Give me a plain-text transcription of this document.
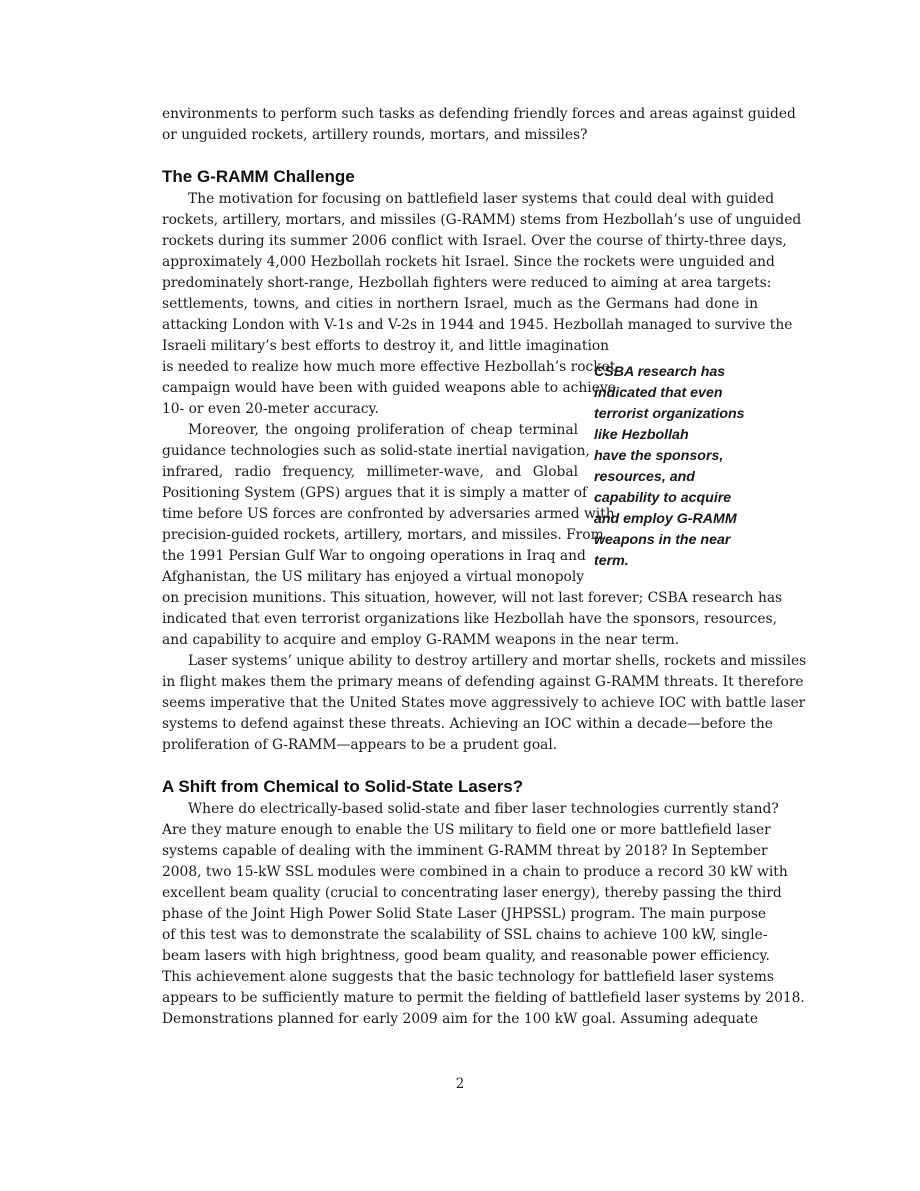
environments to perform such tasks as defending friendly forces and areas against guided
or unguided rockets, artillery rounds, mortars, and missiles?
The G-RAMM Challenge
The motivation for focusing on battlefield laser systems that could deal with guided
rockets, artillery, mortars, and missiles (G-RAMM) stems from Hezbollah’s use of unguided
rockets during its summer 2006 conflict with Israel. Over the course of thirty-three days,
approximately 4,000 Hezbollah rockets hit Israel. Since the rockets were unguided and
predominately short-range, Hezbollah fighters were reduced to aiming at area targets:
settlements, towns, and cities in northern Israel, much as the Germans had done in
attacking London with V-1s and V-2s in 1944 and 1945. Hezbollah managed to survive the
Israeli military’s best efforts to destroy it, and little imagination
is needed to realize how much more effective Hezbollah’s rocket
campaign would have been with guided weapons able to achieve
10- or even 20-meter accuracy.
Moreover, the ongoing proliferation of cheap terminal
guidance technologies such as solid-state inertial navigation,
infrared, radio frequency, millimeter-wave, and Global
Positioning System (GPS) argues that it is simply a matter of
time before US forces are confronted by adversaries armed with
precision-guided rockets, artillery, mortars, and missiles. From
the 1991 Persian Gulf War to ongoing operations in Iraq and
Afghanistan, the US military has enjoyed a virtual monopoly
on precision munitions. This situation, however, will not last forever; CSBA research has
indicated that even terrorist organizations like Hezbollah have the sponsors, resources,
and capability to acquire and employ G-RAMM weapons in the near term.
Laser systems’ unique ability to destroy artillery and mortar shells, rockets and missiles
in flight makes them the primary means of defending against G-RAMM threats. It therefore
seems imperative that the United States move aggressively to achieve IOC with battle laser
systems to defend against these threats. Achieving an IOC within a decade—before the
proliferation of G-RAMM—appears to be a prudent goal.
A Shift from Chemical to Solid-State Lasers?
Where do electrically-based solid-state and fiber laser technologies currently stand?
Are they mature enough to enable the US military to field one or more battlefield laser
systems capable of dealing with the imminent G-RAMM threat by 2018? In September
2008, two 15-kW SSL modules were combined in a chain to produce a record 30 kW with
excellent beam quality (crucial to concentrating laser energy), thereby passing the third
phase of the Joint High Power Solid State Laser (JHPSSL) program. The main purpose
of this test was to demonstrate the scalability of SSL chains to achieve 100 kW, single-
beam lasers with high brightness, good beam quality, and reasonable power efficiency.
This achievement alone suggests that the basic technology for battlefield laser systems
appears to be sufficiently mature to permit the fielding of battlefield laser systems by 2018.
Demonstrations planned for early 2009 aim for the 100 kW goal. Assuming adequate
CSBA research has
indicated that even
terrorist organizations
like Hezbollah
have the sponsors,
resources, and
capability to acquire
and employ G-RAMM
weapons in the near
term.
2
